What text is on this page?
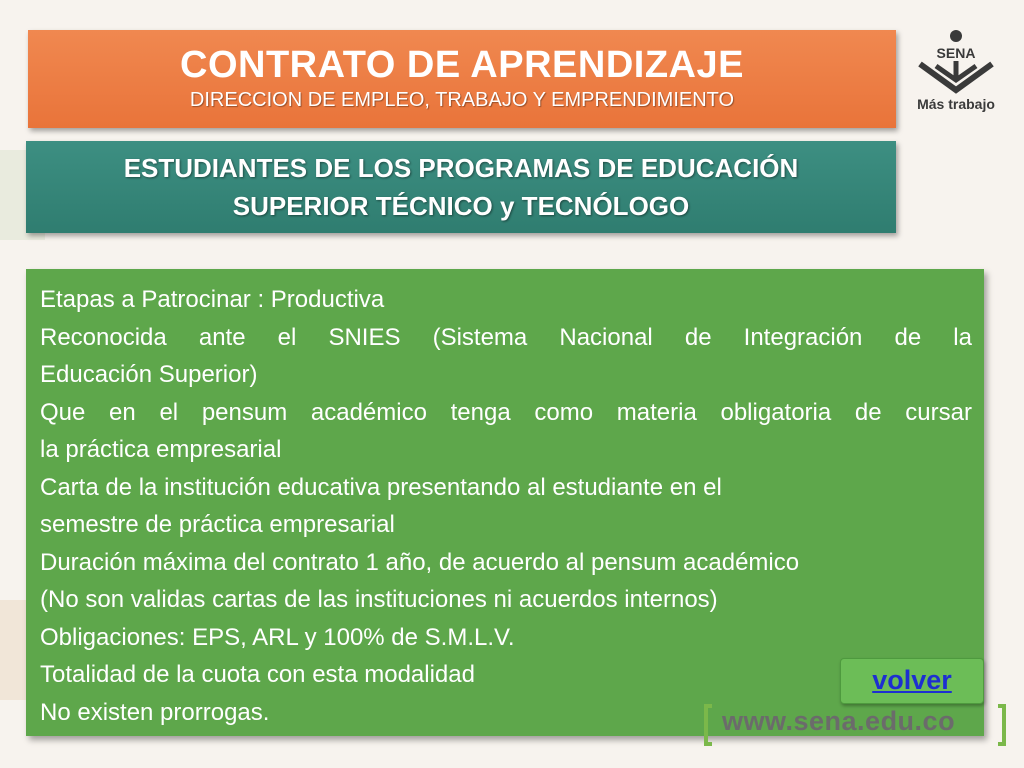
CONTRATO DE APRENDIZAJE
DIRECCION DE EMPLEO, TRABAJO Y EMPRENDIMIENTO
SENA
Más trabajo
ESTUDIANTES DE LOS PROGRAMAS DE EDUCACIÓN
SUPERIOR TÉCNICO y TECNÓLOGO

Etapas a Patrocinar : Productiva

Reconocida ante el SNIES (Sistema Nacional de Integración de la

Educación Superior)

Que en el pensum académico tenga como materia obligatoria de cursar

la práctica empresarial

Carta de la institución educativa presentando al estudiante en el

semestre de práctica empresarial

Duración máxima del contrato 1 año, de acuerdo al pensum académico

(No son validas cartas de las instituciones ni acuerdos internos)

Obligaciones: EPS, ARL y 100% de S.M.L.V.

Totalidad de la cuota con esta modalidad

No existen prorrogas.

volver
www.sena.edu.co
